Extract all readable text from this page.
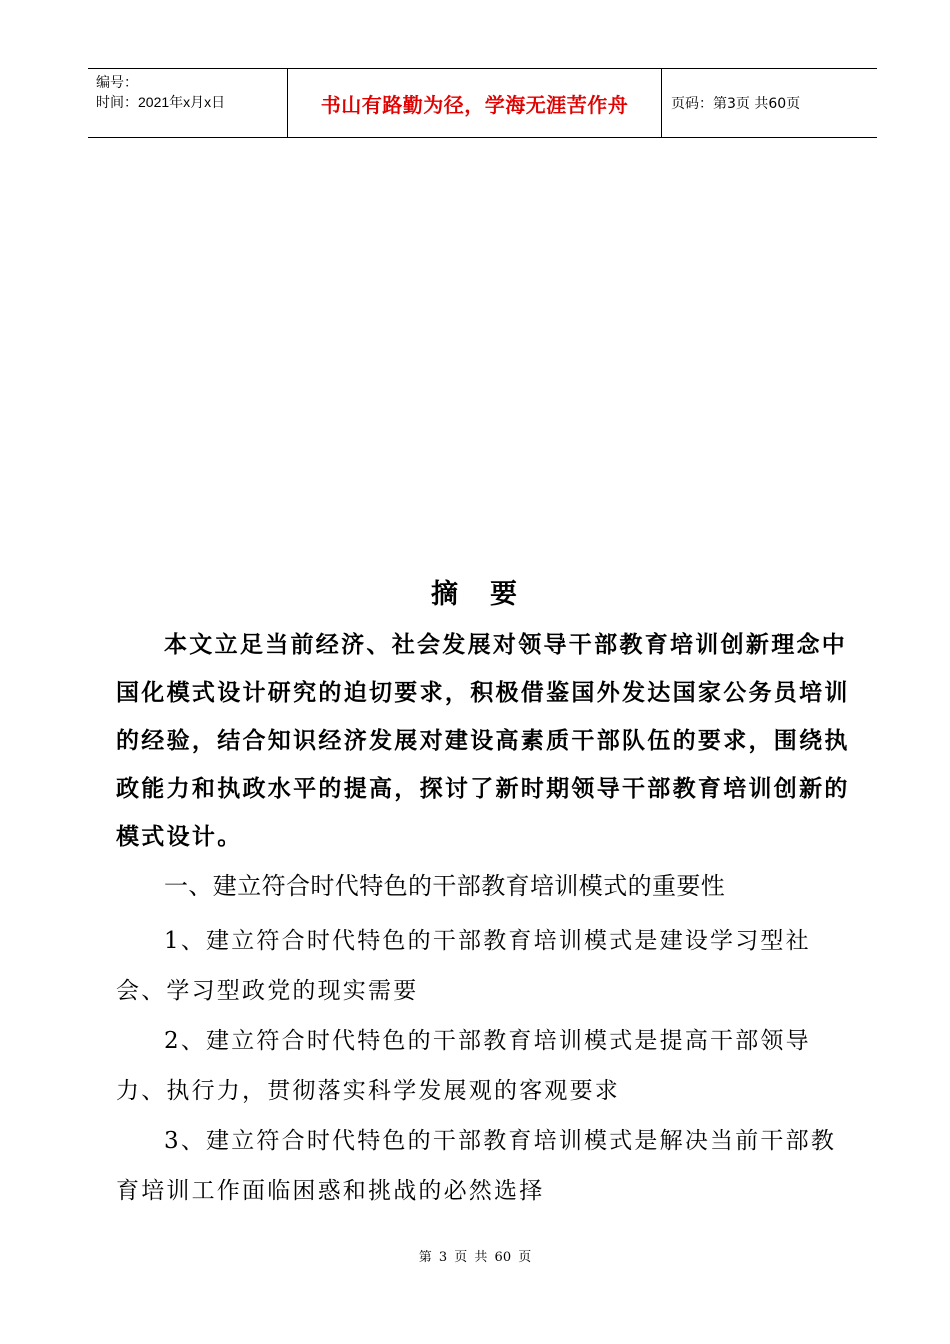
编号：
时间：2021年x月x日	书山有路勤为径，学海无涯苦作舟	页码：第3页 共60页
摘 要

本文立足当前经济、社会发展对领导干部教育培训创新理念中国化模式设计研究的迫切要求，积极借鉴国外发达国家公务员培训的经验，结合知识经济发展对建设高素质干部队伍的要求，围绕执政能力和执政水平的提高，探讨了新时期领导干部教育培训创新的模式设计。

一、建立符合时代特色的干部教育培训模式的重要性

1、建立符合时代特色的干部教育培训模式是建设学习型社会、学习型政党的现实需要

2、建立符合时代特色的干部教育培训模式是提高干部领导力、执行力，贯彻落实科学发展观的客观要求

3、建立符合时代特色的干部教育培训模式是解决当前干部教育培训工作面临困惑和挑战的必然选择

第 3 页 共 60 页
